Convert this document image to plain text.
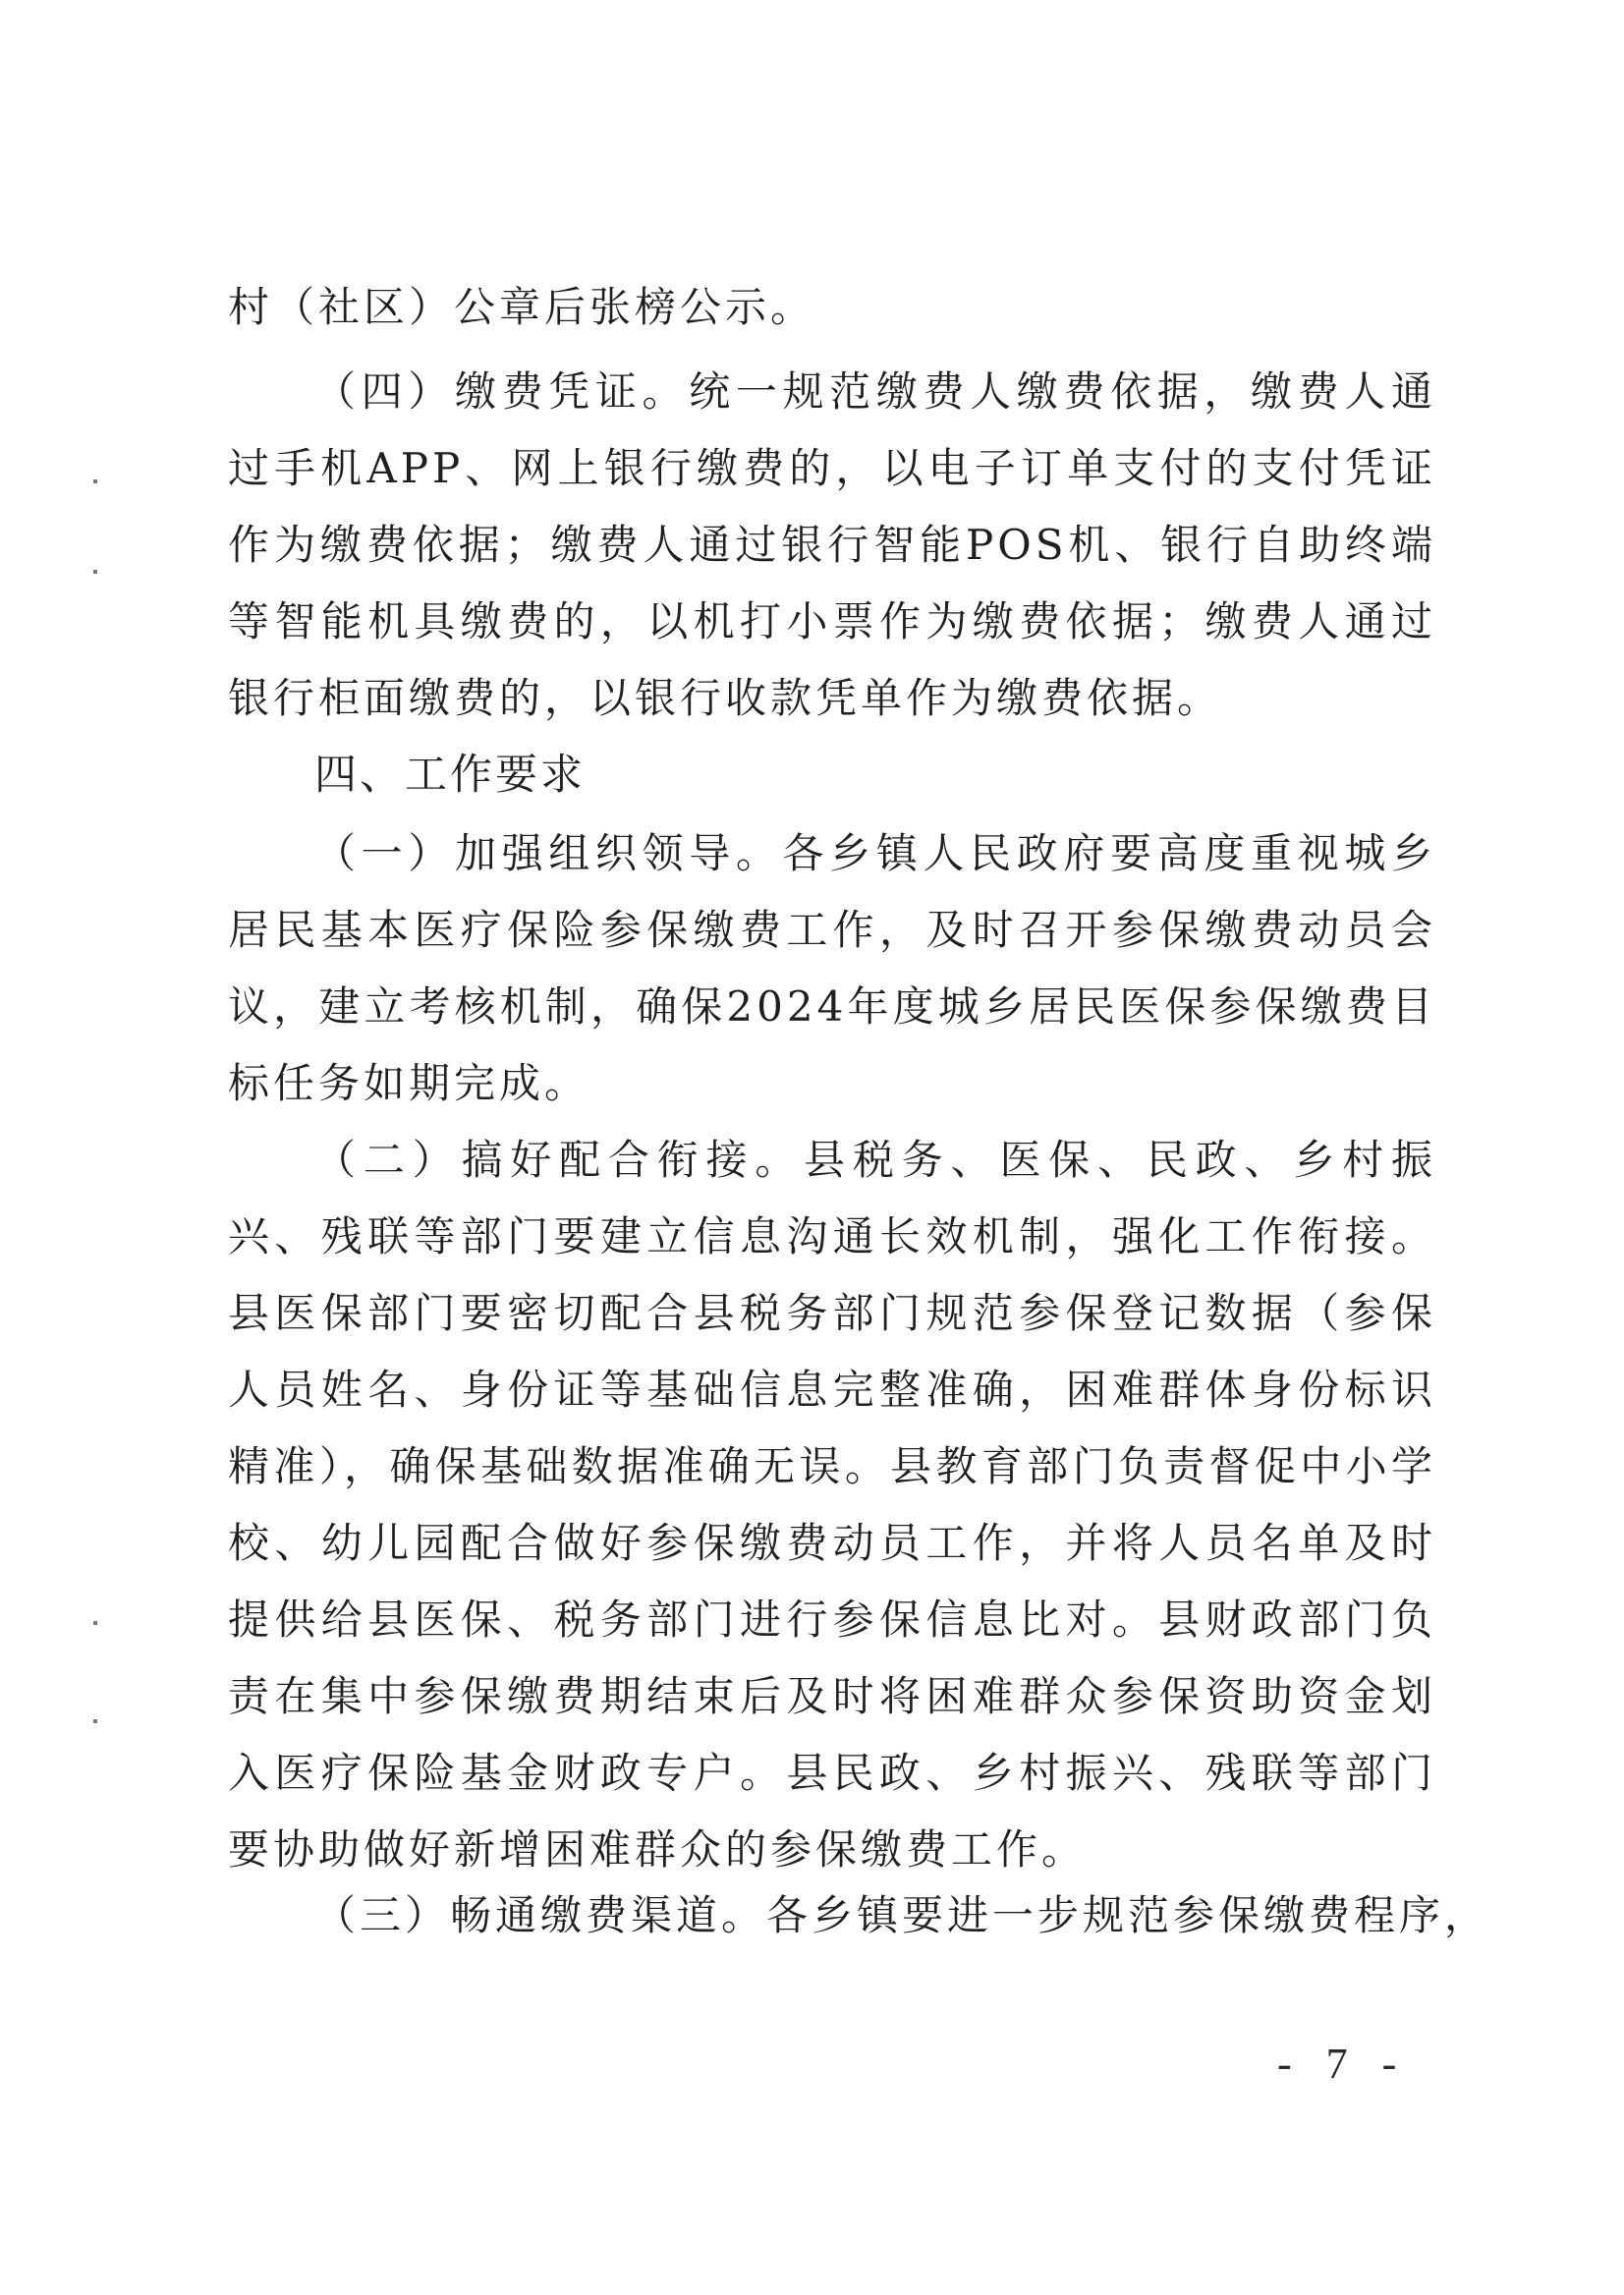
村（社区）公章后张榜公示。
（四）缴费凭证。统一规范缴费人缴费依据，缴费人通过手机APP、网上银行缴费的，以电子订单支付的支付凭证作为缴费依据；缴费人通过银行智能POS机、银行自助终端等智能机具缴费的，以机打小票作为缴费依据；缴费人通过银行柜面缴费的，以银行收款凭单作为缴费依据。
四、工作要求
（一）加强组织领导。各乡镇人民政府要高度重视城乡居民基本医疗保险参保缴费工作，及时召开参保缴费动员会议，建立考核机制，确保2024年度城乡居民医保参保缴费目标任务如期完成。
（二）搞好配合衔接。县税务、医保、民政、乡村振兴、残联等部门要建立信息沟通长效机制，强化工作衔接。县医保部门要密切配合县税务部门规范参保登记数据（参保人员姓名、身份证等基础信息完整准确，困难群体身份标识精准），确保基础数据准确无误。县教育部门负责督促中小学校、幼儿园配合做好参保缴费动员工作，并将人员名单及时提供给县医保、税务部门进行参保信息比对。县财政部门负责在集中参保缴费期结束后及时将困难群众参保资助资金划入医疗保险基金财政专户。县民政、乡村振兴、残联等部门要协助做好新增困难群众的参保缴费工作。
（三）畅通缴费渠道。各乡镇要进一步规范参保缴费程序，
- 7 -
